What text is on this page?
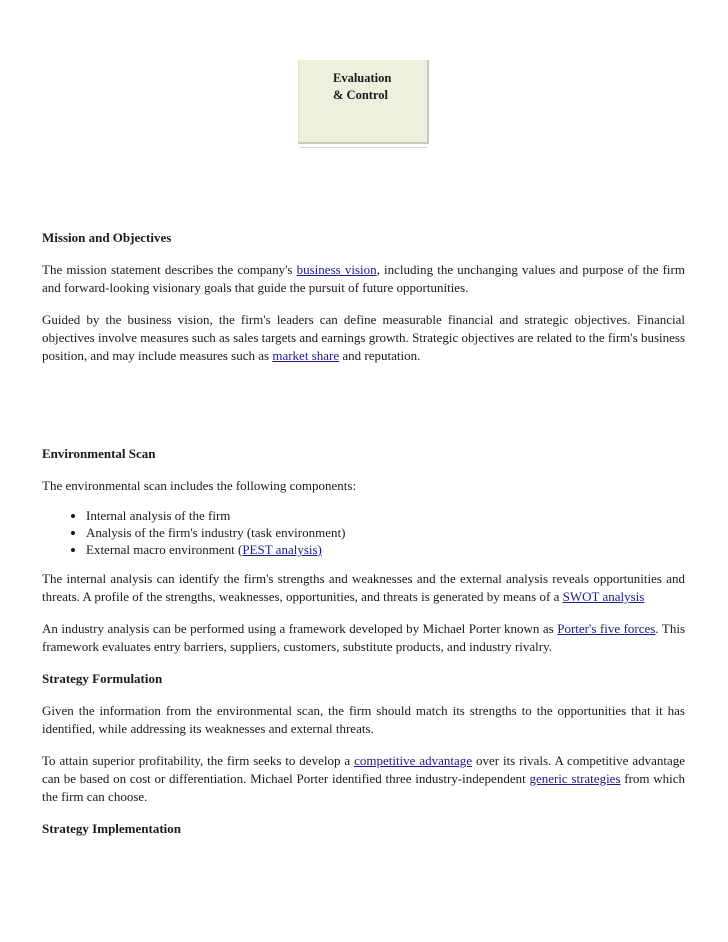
Evaluation
& Control
Mission and Objectives

The mission statement describes the company's business vision, including the unchanging values and purpose of the firm and forward-looking visionary goals that guide the pursuit of future opportunities.

Guided by the business vision, the firm's leaders can define measurable financial and strategic objectives. Financial objectives involve measures such as sales targets and earnings growth. Strategic objectives are related to the firm's business position, and may include measures such as market share and reputation.

Environmental Scan

The environmental scan includes the following components:

• Internal analysis of the firm
• Analysis of the firm's industry (task environment)
• External macro environment (PEST analysis)

The internal analysis can identify the firm's strengths and weaknesses and the external analysis reveals opportunities and threats. A profile of the strengths, weaknesses, opportunities, and threats is generated by means of a SWOT analysis

An industry analysis can be performed using a framework developed by Michael Porter known as Porter's five forces. This framework evaluates entry barriers, suppliers, customers, substitute products, and industry rivalry.

Strategy Formulation

Given the information from the environmental scan, the firm should match its strengths to the opportunities that it has identified, while addressing its weaknesses and external threats.

To attain superior profitability, the firm seeks to develop a competitive advantage over its rivals. A competitive advantage can be based on cost or differentiation. Michael Porter identified three industry-independent generic strategies from which the firm can choose.

Strategy Implementation
